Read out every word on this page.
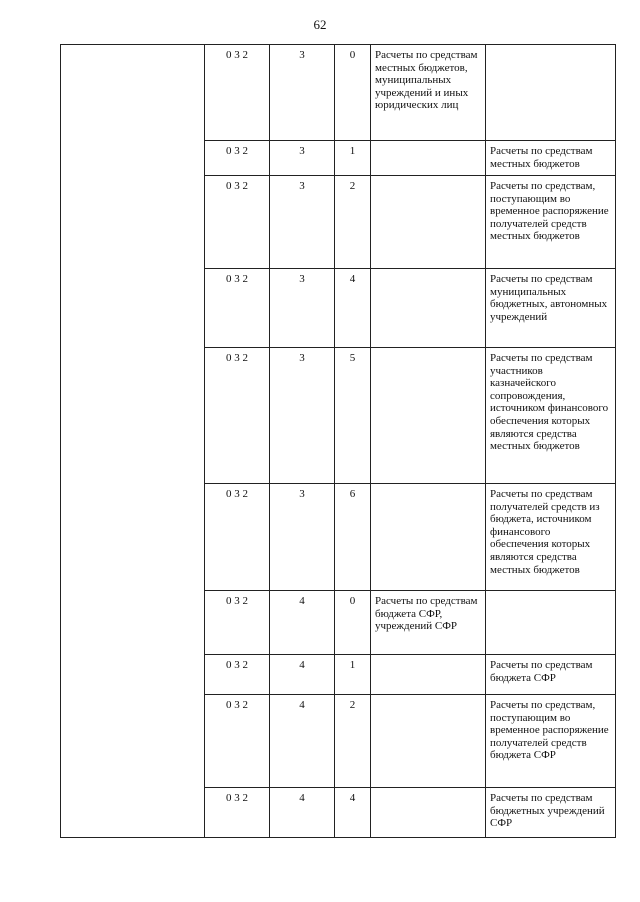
62
	0 3 2	3	0	Расчеты по средствам местных бюджетов, муниципальных учреждений и иных юридических лиц	
	0 3 2	3	1		Расчеты по средствам местных бюджетов
	0 3 2	3	2		Расчеты по средствам, поступающим во временное распоряжение получателей средств местных бюджетов
	0 3 2	3	4		Расчеты по средствам муниципальных бюджетных, автономных учреждений
	0 3 2	3	5		Расчеты по средствам участников казначейского сопровождения, источником финансового обеспечения которых являются средства местных бюджетов
	0 3 2	3	6		Расчеты по средствам получателей средств из бюджета, источником финансового обеспечения которых являются средства местных бюджетов
	0 3 2	4	0	Расчеты по средствам бюджета СФР, учреждений СФР	
	0 3 2	4	1		Расчеты по средствам бюджета СФР
	0 3 2	4	2		Расчеты по средствам, поступающим во временное распоряжение получателей средств бюджета СФР
	0 3 2	4	4		Расчеты по средствам бюджетных учреждений СФР
